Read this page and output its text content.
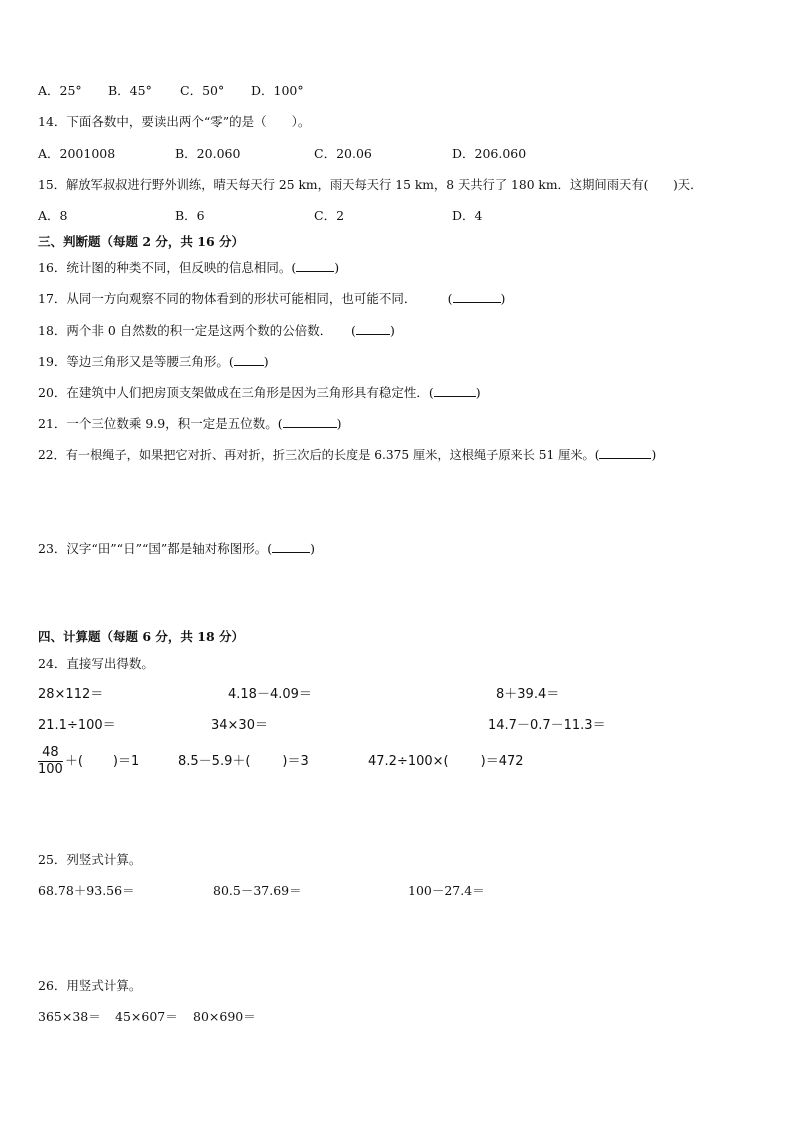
A．25° B．45° C．50° D．100°
14．下面各数中，要读出两个“零”的是（　　）。
A．2001008	B．20.060	C．20.06	D．206.060
15．解放军叔叔进行野外训练，晴天每天行 25 km，雨天每天行 15 km，8 天共行了 180 km．这期间雨天有(　　)天．
A．8	B．6	C．2	D．4
三、判断题（每题 2 分，共 16 分）
16．统计图的种类不同，但反映的信息相同。(	)
17．从同一方向观察不同的物体看到的形状可能相同，也可能不同．　　　(	)
18．两个非 0 自然数的积一定是这两个数的公倍数．　　(	)
19．等边三角形又是等腰三角形。( )
20．在建筑中人们把房顶支架做成在三角形是因为三角形具有稳定性．(	)
21．一个三位数乘 9.9，积一定是五位数。(	)
22．有一根绳子，如果把它对折、再对折，折三次后的长度是 6.375 厘米，这根绳子原来长 51 厘米。(	)
23．汉字“田”“日”“国”都是轴对称图形。(	)
四、计算题（每题 6 分，共 18 分）
24．直接写出得数。
28×112＝	4.18－4.09＝	8＋39.4＝
21.1÷100＝	34×30＝	14.7－0.7－11.3＝
$\frac{48}{100}$ ＋( )＝1	8.5－5.9＋( )＝3	47.2÷100×( )＝472
25．列竖式计算。
68.78＋93.56＝	80.5－37.69＝	100－27.4＝
26．用竖式计算。
365×38＝ 45×607＝ 80×690＝
